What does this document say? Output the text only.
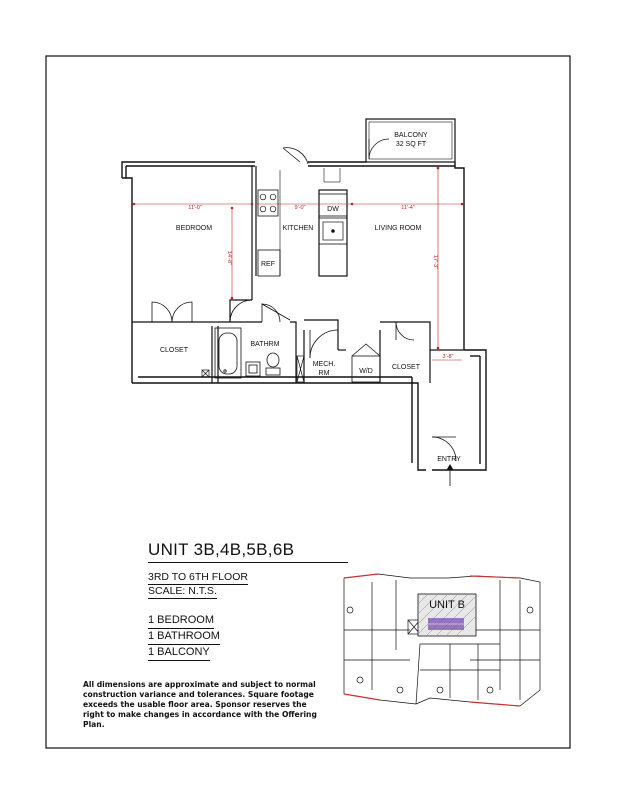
BALCONY
32 SQ FT
BEDROOM	KITCHEN	LIVING ROOM
REF
DW
CLOSET
BATHRM
MECH.
RM	W/D
CLOSET
ENTRY
11'-0"	9'-0"	11'-4"
14'-8"	17'-3"
3'-8"
UNIT B
UNIT 3B,4B,5B,6B
3RD TO 6TH FLOOR
SCALE: N.T.S.
1 BEDROOM
1 BATHROOM
1 BALCONY
All dimensions are approximate and subject to normal construction variance and tolerances. Square footage exceeds the usable floor area. Sponsor reserves the right to make changes in accordance with the Offering Plan.
